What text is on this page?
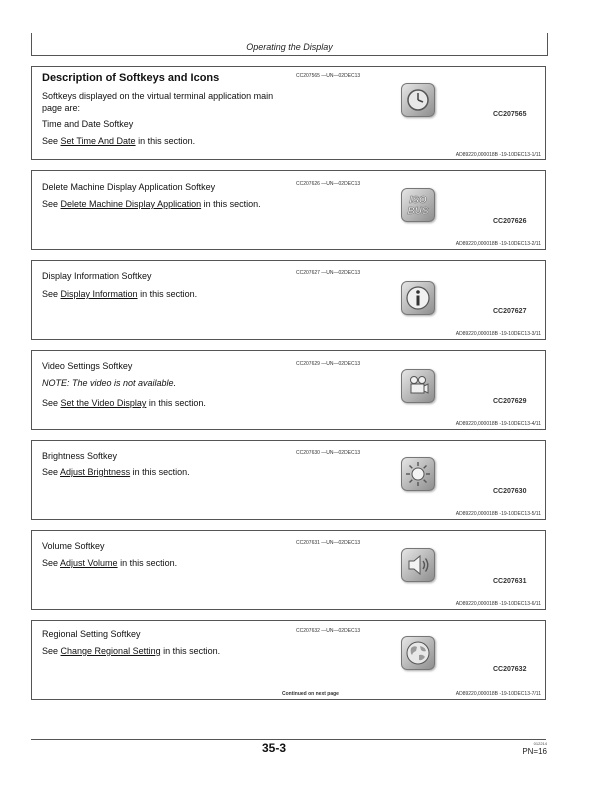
Operating the Display
Description of Softkeys and Icons
Softkeys displayed on the virtual terminal application main page are:
Time and Date Softkey
See Set Time And Date in this section.
CC207565 —UN—02DEC13
CC207565
AD89220,000018B -19-10DEC13-1/11
Delete Machine Display Application Softkey
See Delete Machine Display Application in this section.
CC207626 —UN—02DEC13
ISO
BUS
CC207626
AD89220,000018B -19-10DEC13-2/11
Display Information Softkey
See Display Information in this section.
CC207627 —UN—02DEC13
CC207627
AD89220,000018B -19-10DEC13-3/11
Video Settings Softkey
NOTE: The video is not available.
See Set the Video Display in this section.
CC207629 —UN—02DEC13
CC207629
AD89220,000018B -19-10DEC13-4/11
Brightness Softkey
See Adjust Brightness in this section.
CC207630 —UN—02DEC13
CC207630
AD89220,000018B -19-10DEC13-5/11
Volume Softkey
See Adjust Volume in this section.
CC207631 —UN—02DEC13
CC207631
AD89220,000018B -19-10DEC13-6/11
Regional Setting Softkey
See Change Regional Setting in this section.
CC207632 —UN—02DEC13
CC207632
Continued on next page	AD89220,000018B -19-10DEC13-7/11
35-3	012214
PN=16
